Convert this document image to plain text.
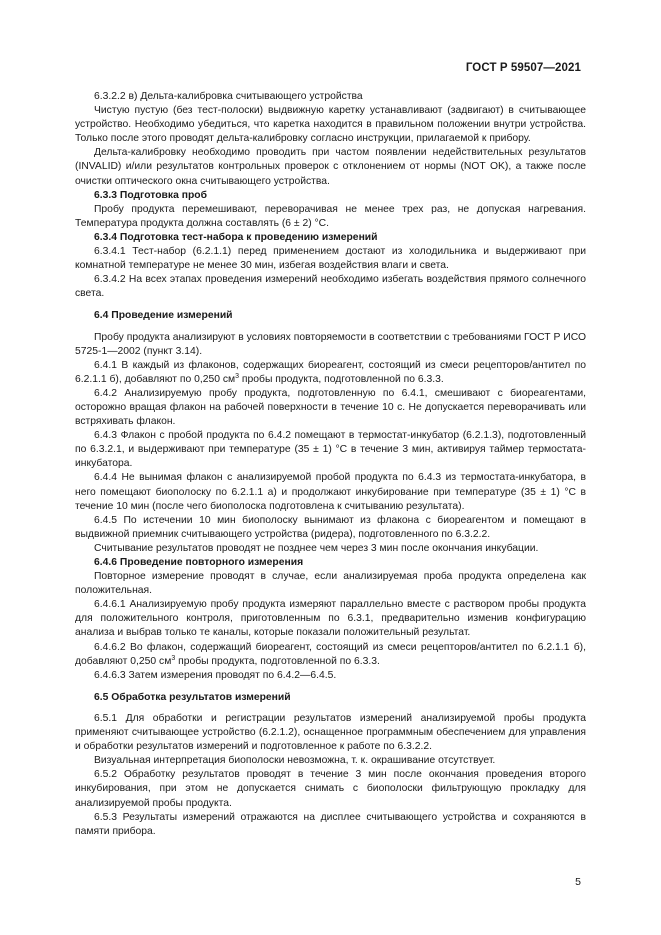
ГОСТ Р 59507—2021

6.3.2.2 в) Дельта-калибровка считывающего устройства

Чистую пустую (без тест-полоски) выдвижную каретку устанавливают (задвигают) в считывающее устройство. Необходимо убедиться, что каретка находится в правильном положении внутри устройства. Только после этого проводят дельта-калибровку согласно инструкции, прилагаемой к прибору.

Дельта-калибровку необходимо проводить при частом появлении недействительных результатов (INVALID) и/или результатов контрольных проверок с отклонением от нормы (NOT OK), а также после очистки оптического окна считывающего устройства.

6.3.3 Подготовка проб

Пробу продукта перемешивают, переворачивая не менее трех раз, не допуская нагревания. Температура продукта должна составлять (6 ± 2) °С.

6.3.4 Подготовка тест-набора к проведению измерений

6.3.4.1 Тест-набор (6.2.1.1) перед применением достают из холодильника и выдерживают при комнатной температуре не менее 30 мин, избегая воздействия влаги и света.

6.3.4.2 На всех этапах проведения измерений необходимо избегать воздействия прямого солнечного света.

6.4 Проведение измерений

Пробу продукта анализируют в условиях повторяемости в соответствии с требованиями ГОСТ Р ИСО 5725-1—2002 (пункт 3.14).

6.4.1 В каждый из флаконов, содержащих биореагент, состоящий из смеси рецепторов/антител по 6.2.1.1 б), добавляют по 0,250 $см^3$ пробы продукта, подготовленной по 6.3.3.

6.4.2 Анализируемую пробу продукта, подготовленную по 6.4.1, смешивают с биореагентами, осторожно вращая флакон на рабочей поверхности в течение 10 с. Не допускается переворачивать или встряхивать флакон.

6.4.3 Флакон с пробой продукта по 6.4.2 помещают в термостат-инкубатор (6.2.1.3), подготовленный по 6.3.2.1, и выдерживают при температуре (35 ± 1) °С в течение 3 мин, активируя таймер термостата-инкубатора.

6.4.4 Не вынимая флакон с анализируемой пробой продукта по 6.4.3 из термостата-инкубатора, в него помещают биополоску по 6.2.1.1 а) и продолжают инкубирование при температуре (35 ± 1) °С в течение 10 мин (после чего биополоска подготовлена к считыванию результата).

6.4.5 По истечении 10 мин биополоску вынимают из флакона с биореагентом и помещают в выдвижной приемник считывающего устройства (ридера), подготовленного по 6.3.2.2.

Считывание результатов проводят не позднее чем через 3 мин после окончания инкубации.

6.4.6 Проведение повторного измерения

Повторное измерение проводят в случае, если анализируемая проба продукта определена как положительная.

6.4.6.1 Анализируемую пробу продукта измеряют параллельно вместе с раствором пробы продукта для положительного контроля, приготовленным по 6.3.1, предварительно изменив конфигурацию анализа и выбрав только те каналы, которые показали положительный результат.

6.4.6.2 Во флакон, содержащий биореагент, состоящий из смеси рецепторов/антител по 6.2.1.1 б), добавляют 0,250 $см^3$ пробы продукта, подготовленной по 6.3.3.

6.4.6.3 Затем измерения проводят по 6.4.2—6.4.5.

6.5 Обработка результатов измерений

6.5.1 Для обработки и регистрации результатов измерений анализируемой пробы продукта применяют считывающее устройство (6.2.1.2), оснащенное программным обеспечением для управления и обработки результатов измерений и подготовленное к работе по 6.3.2.2.

Визуальная интерпретация биополоски невозможна, т. к. окрашивание отсутствует.

6.5.2 Обработку результатов проводят в течение 3 мин после окончания проведения второго инкубирования, при этом не допускается снимать с биополоски фильтрующую прокладку для анализируемой пробы продукта.

6.5.3 Результаты измерений отражаются на дисплее считывающего устройства и сохраняются в памяти прибора.

5
